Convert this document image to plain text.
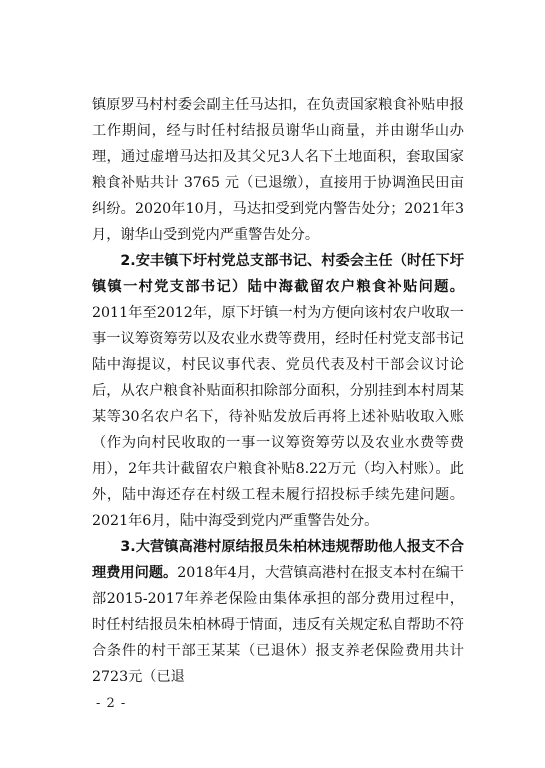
镇原罗马村村委会副主任马达扣，在负责国家粮食补贴申报工作期间，经与时任村结报员谢华山商量，并由谢华山办理，通过虚增马达扣及其父兄3人名下土地面积，套取国家粮食补贴共计 3765 元（已退缴），直接用于协调渔民田亩纠纷。2020年10月，马达扣受到党内警告处分；2021年3月，谢华山受到党内严重警告处分。

2.安丰镇下圩村党总支部书记、村委会主任（时任下圩镇镇一村党支部书记）陆中海截留农户粮食补贴问题。2011年至2012年，原下圩镇一村为方便向该村农户收取一事一议筹资筹劳以及农业水费等费用，经时任村党支部书记陆中海提议，村民议事代表、党员代表及村干部会议讨论后，从农户粮食补贴面积扣除部分面积，分别挂到本村周某某等30名农户名下，待补贴发放后再将上述补贴收取入账（作为向村民收取的一事一议筹资筹劳以及农业水费等费用），2年共计截留农户粮食补贴8.22万元（均入村账）。此外，陆中海还存在村级工程未履行招投标手续先建问题。2021年6月，陆中海受到党内严重警告处分。

3.大营镇高港村原结报员朱柏林违规帮助他人报支不合理费用问题。2018年4月，大营镇高港村在报支本村在编干部2015-2017年养老保险由集体承担的部分费用过程中，时任村结报员朱柏林碍于情面，违反有关规定私自帮助不符合条件的村干部王某某（已退休）报支养老保险费用共计2723元（已退

- 2 -
